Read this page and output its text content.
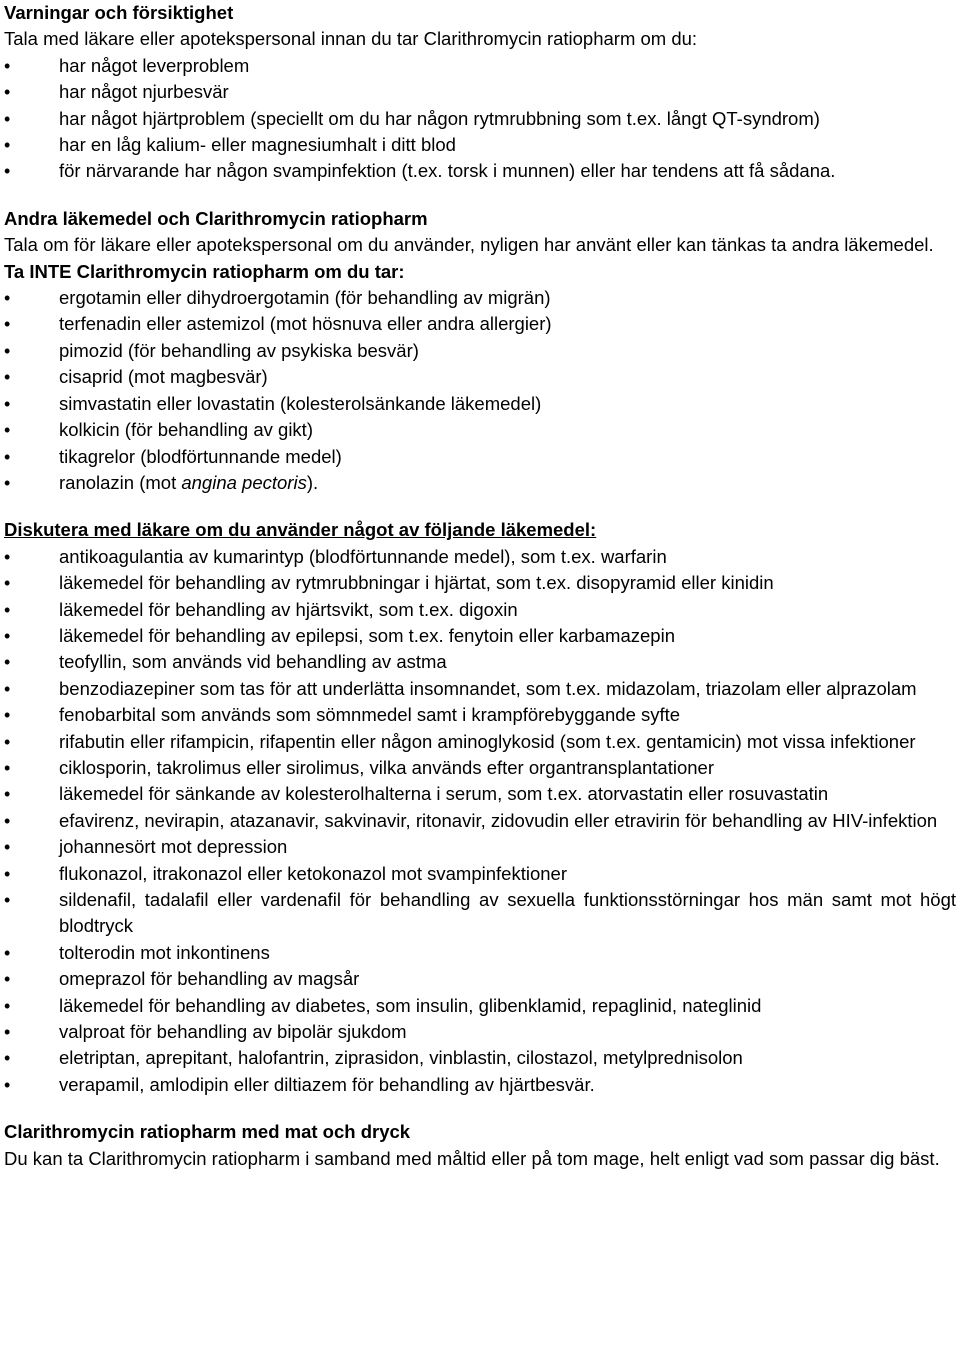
Varningar och försiktighet

Tala med läkare eller apotekspersonal innan du tar Clarithromycin ratiopharm om du:

• har något leverproblem
• har något njurbesvär
• har något hjärtproblem (speciellt om du har någon rytmrubbning som t.ex. långt QT-syndrom)
• har en låg kalium- eller magnesiumhalt i ditt blod
• för närvarande har någon svampinfektion (t.ex. torsk i munnen) eller har tendens att få sådana.
Andra läkemedel och Clarithromycin ratiopharm

Tala om för läkare eller apotekspersonal om du använder, nyligen har använt eller kan tänkas ta andra läkemedel.

Ta INTE Clarithromycin ratiopharm om du tar:
• ergotamin eller dihydroergotamin (för behandling av migrän)
• terfenadin eller astemizol (mot hösnuva eller andra allergier)
• pimozid (för behandling av psykiska besvär)
• cisaprid (mot magbesvär)
• simvastatin eller lovastatin (kolesterolsänkande läkemedel)
• kolkicin (för behandling av gikt)
• tikagrelor (blodförtunnande medel)
• ranolazin (mot angina pectoris).
Diskutera med läkare om du använder något av följande läkemedel:
• antikoagulantia av kumarintyp (blodförtunnande medel), som t.ex. warfarin
• läkemedel för behandling av rytmrubbningar i hjärtat, som t.ex. disopyramid eller kinidin
• läkemedel för behandling av hjärtsvikt, som t.ex. digoxin
• läkemedel för behandling av epilepsi, som t.ex. fenytoin eller karbamazepin
• teofyllin, som används vid behandling av astma
• benzodiazepiner som tas för att underlätta insomnandet, som t.ex. midazolam, triazolam eller alprazolam
• fenobarbital som används som sömnmedel samt i krampförebyggande syfte
• rifabutin eller rifampicin, rifapentin eller någon aminoglykosid (som t.ex. gentamicin) mot vissa infektioner
• ciklosporin, takrolimus eller sirolimus, vilka används efter organtransplantationer
• läkemedel för sänkande av kolesterolhalterna i serum, som t.ex. atorvastatin eller rosuvastatin
• efavirenz, nevirapin, atazanavir, sakvinavir, ritonavir, zidovudin eller etravirin för behandling av HIV-infektion
• johannesört mot depression
• flukonazol, itrakonazol eller ketokonazol mot svampinfektioner
• sildenafil, tadalafil eller vardenafil för behandling av sexuella funktionsstörningar hos män samt mot högt blodtryck
• tolterodin mot inkontinens
• omeprazol för behandling av magsår
• läkemedel för behandling av diabetes, som insulin, glibenklamid, repaglinid, nateglinid
• valproat för behandling av bipolär sjukdom
• eletriptan, aprepitant, halofantrin, ziprasidon, vinblastin, cilostazol, metylprednisolon
• verapamil, amlodipin eller diltiazem för behandling av hjärtbesvär.
Clarithromycin ratiopharm med mat och dryck

Du kan ta Clarithromycin ratiopharm i samband med måltid eller på tom mage, helt enligt vad som passar dig bäst.
